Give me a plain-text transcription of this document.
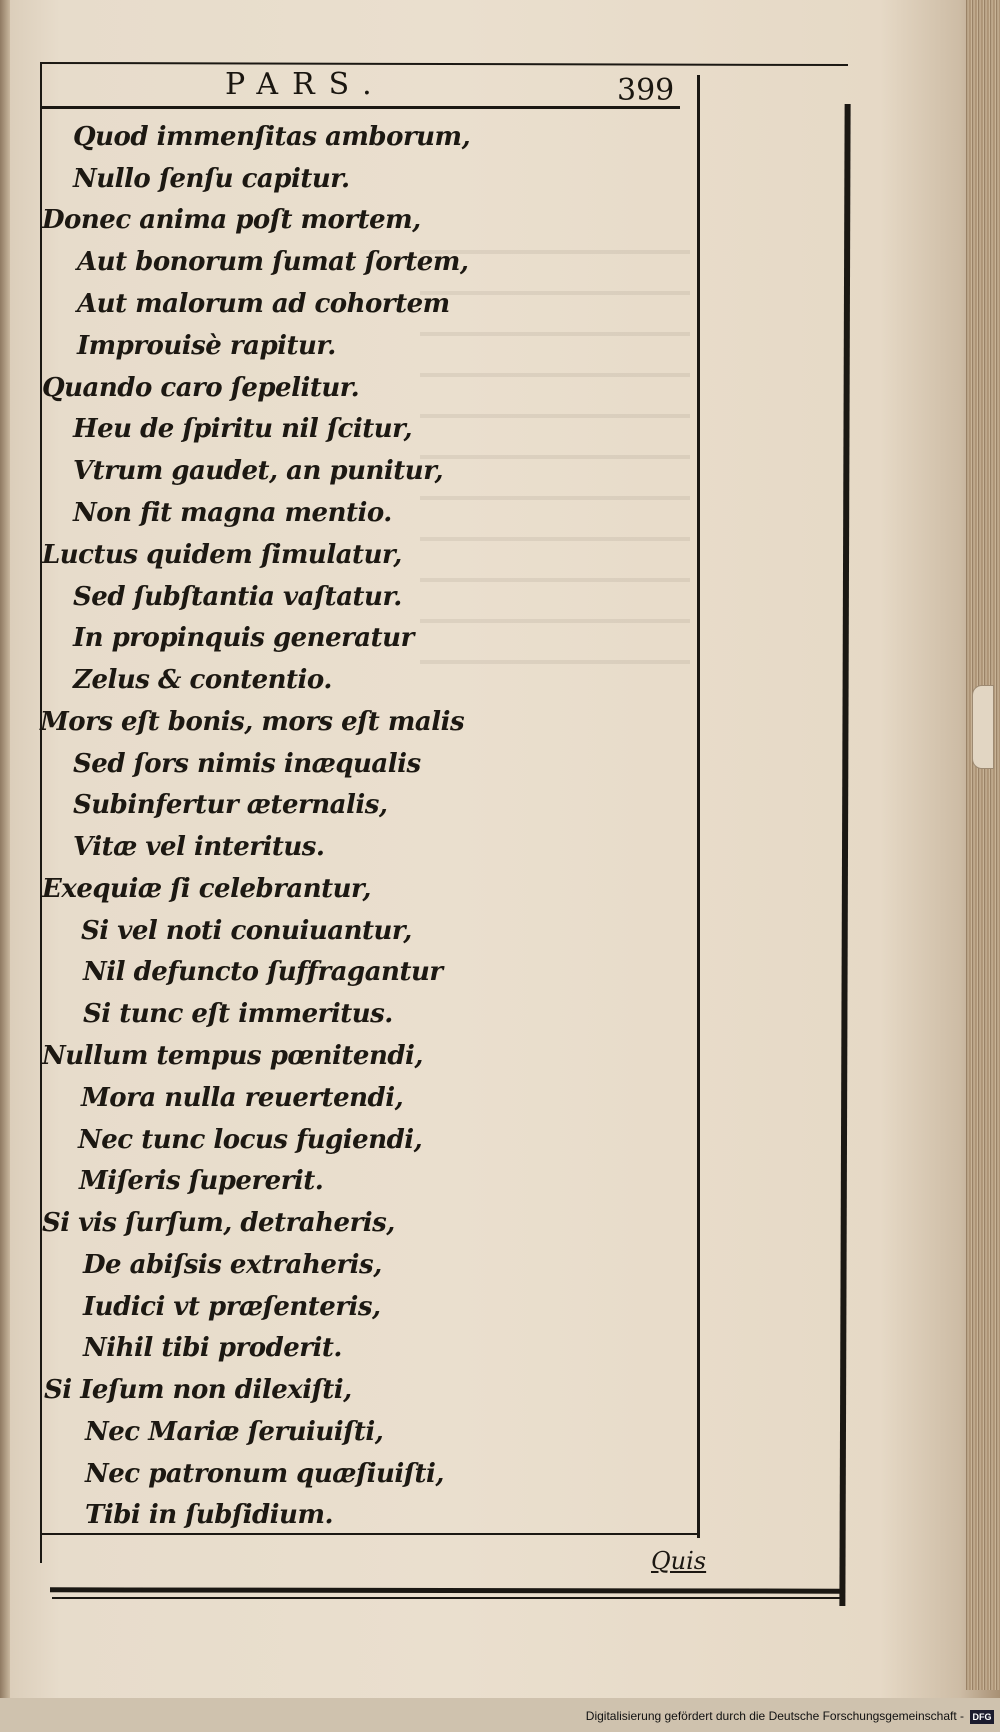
PARS.	399
Quod immenſitas amborum,
Nullo ſenſu capitur.
Donec anima poſt mortem,
Aut bonorum ſumat ſortem,
Aut malorum ad cohortem
Improuisè rapitur.
Quando caro ſepelitur.
Heu de ſpiritu nil ſcitur,
Vtrum gaudet, an punitur,
Non fit magna mentio.
Luctus quidem ſimulatur,
Sed ſubſtantia vaſtatur.
In propinquis generatur
Zelus & contentio.
Mors eſt bonis, mors eſt malis
Sed ſors nimis inæqualis
Subinfertur æternalis,
Vitæ vel interitus.
Exequiæ ſi celebrantur,
Si vel noti conuiuantur,
Nil defuncto ſuffragantur
Si tunc eſt immeritus.
Nullum tempus pœnitendi,
Mora nulla reuertendi,
Nec tunc locus fugiendi,
Miſeris ſupererit.
Si vis ſurſum, detraheris,
De abiſsis extraheris,
Iudici vt præſenteris,
Nihil tibi proderit.
Si Ieſum non dilexiſti,
Nec Mariæ ſeruiuiſti,
Nec patronum quæſiuiſti,
Tibi in ſubſidium.
Quis
Digitalisierung gefördert durch die Deutsche Forschungsgemeinschaft - DFG
